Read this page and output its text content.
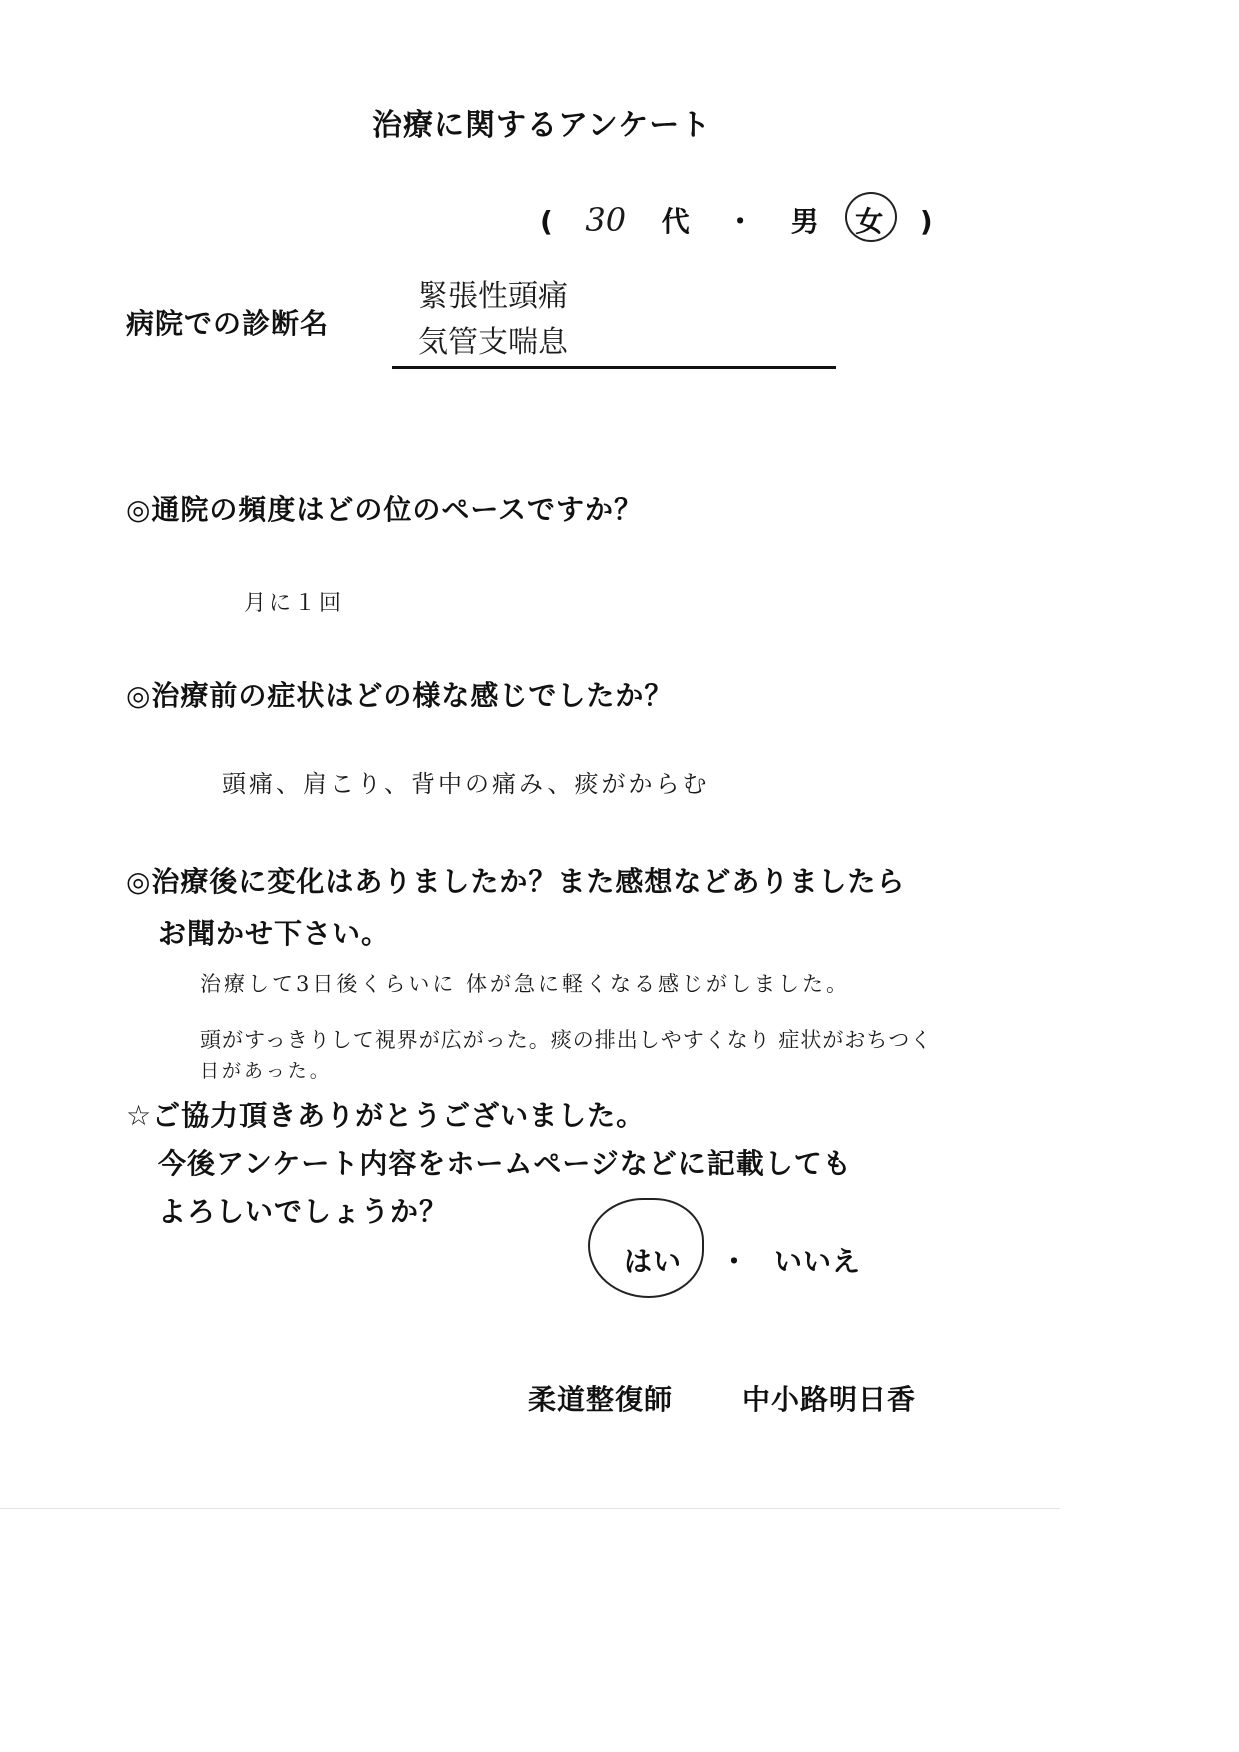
治療に関するアンケート
( 30 代 ・ 男 女 )
病院での診断名
緊張性頭痛
気管支喘息
◎通院の頻度はどの位のペースですか？
月に１回
◎治療前の症状はどの様な感じでしたか？
頭痛、肩こり、背中の痛み、痰がからむ
◎治療後に変化はありましたか？また感想などありましたら
お聞かせ下さい。
治療して3日後くらいに 体が急に軽くなる感じがしました。
頭がすっきりして視界が広がった。痰の排出しやすくなり 症状がおちつく
日があった。
☆ご協力頂きありがとうございました。
今後アンケート内容をホームページなどに記載しても
よろしいでしょうか？
はい ・ いいえ
柔道整復師 中小路明日香
